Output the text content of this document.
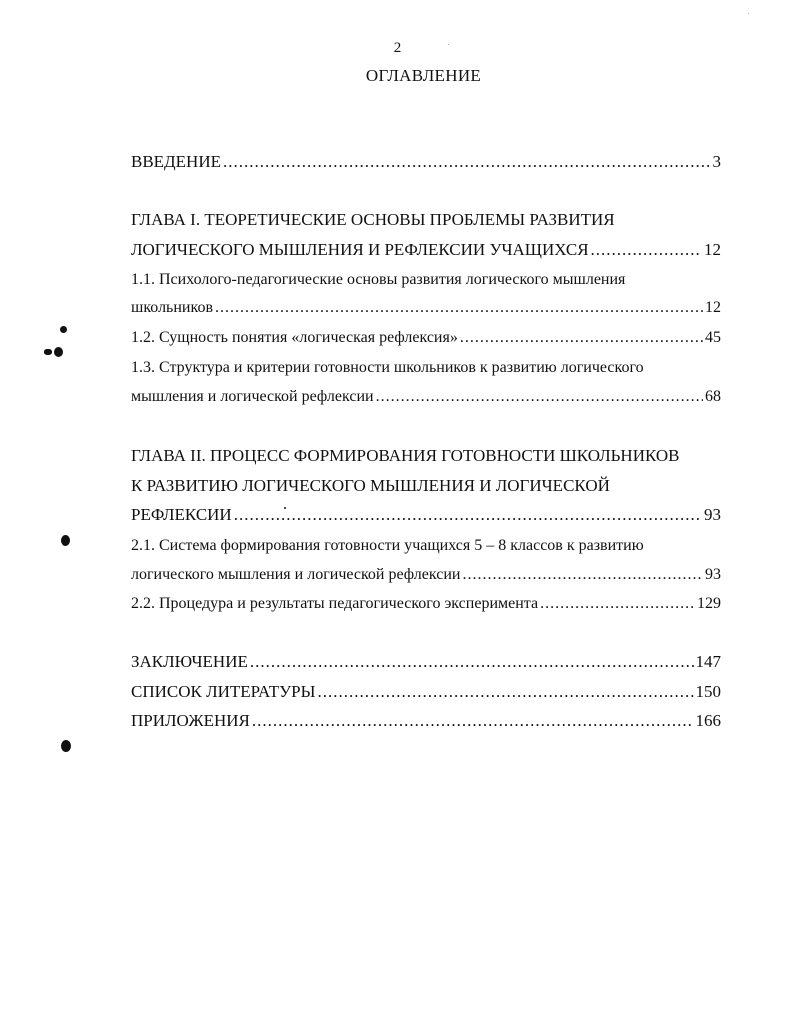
2
ОГЛАВЛЕНИЕ
ВВЕДЕНИЕ .....	3
ГЛАВА I. ТЕОРЕТИЧЕСКИЕ ОСНОВЫ ПРОБЛЕМЫ РАЗВИТИЯ
ЛОГИЧЕСКОГО МЫШЛЕНИЯ И РЕФЛЕКСИИ УЧАЩИХСЯ .....	12
1.1. Психолого-педагогические основы развития логического мышления
школьников .....	12
1.2. Сущность понятия «логическая рефлексия» .....	45
1.3. Структура и критерии готовности школьников к развитию логического
мышления и логической рефлексии .....	68
ГЛАВА II. ПРОЦЕСС ФОРМИРОВАНИЯ ГОТОВНОСТИ ШКОЛЬНИКОВ
К РАЗВИТИЮ ЛОГИЧЕСКОГО МЫШЛЕНИЯ И ЛОГИЧЕСКОЙ
РЕФЛЕКСИИ .....	93
2.1. Система формирования готовности учащихся 5 – 8 классов к развитию
логического мышления и логической рефлексии .....	93
2.2. Процедура и результаты педагогического эксперимента .....	129
ЗАКЛЮЧЕНИЕ .....	147
СПИСОК ЛИТЕРАТУРЫ .....	150
ПРИЛОЖЕНИЯ .....	166
